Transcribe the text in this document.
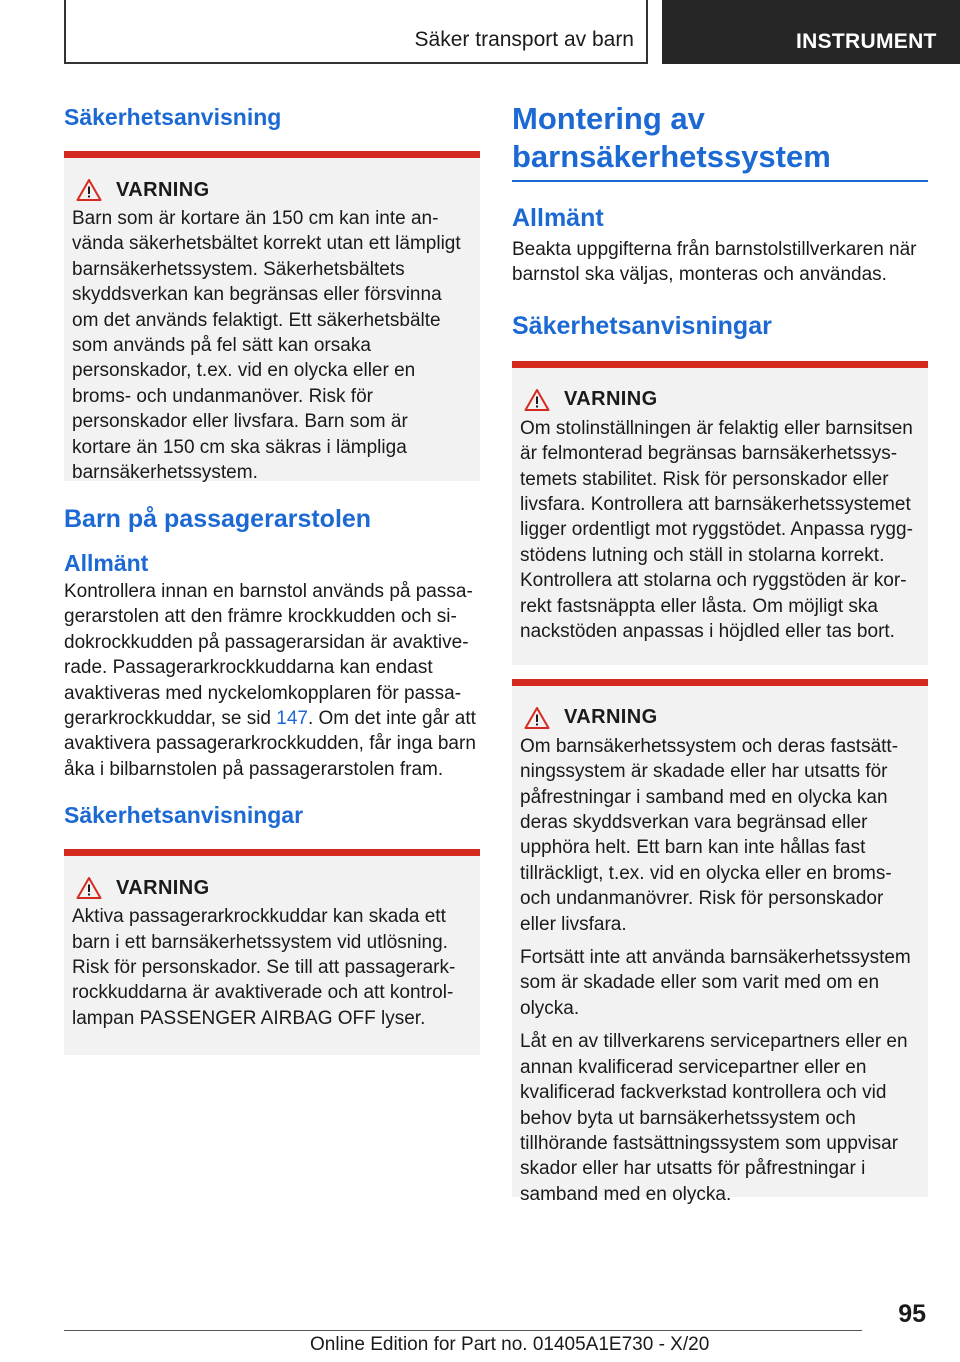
Säker transport av barn	INSTRUMENT
Säkerhetsanvisning
VARNING

Barn som är kortare än 150 cm kan inte använda säkerhetsbältet korrekt utan ett lämpligt barnsäkerhetssystem. Säkerhetsbältets skyddsverkan kan begränsas eller försvinna om det används felaktigt. Ett säkerhetsbälte som används på fel sätt kan orsaka personskador, t.ex. vid en olycka eller en broms- och undanmanöver. Risk för personskador eller livsfara. Barn som är kortare än 150 cm ska säkras i lämpliga barnsäkerhetssystem.

Barn på passagerarstolen
Allmänt

Kontrollera innan en barnstol används på passagerarstolen att den främre krockkudden och sidokrockkudden på passagerarsidan är avaktiverade. Passagerarkrockkuddarna kan endast avaktiveras med nyckelomkopplaren för passagerarkrockkuddar, se sid 147. Om det inte går att avaktivera passagerarkrockkudden, får inga barn åka i bilbarnstolen på passagerarstolen fram.

Säkerhetsanvisningar
VARNING

Aktiva passagerarkrockkuddar kan skada ett barn i ett barnsäkerhetssystem vid utlösning. Risk för personskador. Se till att passagerarkrockkuddarna är avaktiverade och att kontrollampan PASSENGER AIRBAG OFF lyser.

Montering av barnsäkerhetssystem
Allmänt

Beakta uppgifterna från barnstolstillverkaren när barnstol ska väljas, monteras och användas.

Säkerhetsanvisningar
VARNING

Om stolinställningen är felaktig eller barnsitsen är felmonterad begränsas barnsäkerhetssystemets stabilitet. Risk för personskador eller livsfara. Kontrollera att barnsäkerhetssystemet ligger ordentligt mot ryggstödet. Anpassa ryggstödens lutning och ställ in stolarna korrekt. Kontrollera att stolarna och ryggstöden är korrekt fastsnäppta eller låsta. Om möjligt ska nackstöden anpassas i höjdled eller tas bort.

VARNING

Om barnsäkerhetssystem och deras fastsättningssystem är skadade eller har utsatts för påfrestningar i samband med en olycka kan deras skyddsverkan vara begränsad eller upphöra helt. Ett barn kan inte hållas fast tillräckligt, t.ex. vid en olycka eller en broms- och undanmanövrer. Risk för personskador eller livsfara.

Fortsätt inte att använda barnsäkerhetssystem som är skadade eller som varit med om en olycka.

Låt en av tillverkarens servicepartners eller en annan kvalificerad servicepartner eller en kvalificerad fackverkstad kontrollera och vid behov byta ut barnsäkerhetssystem och tillhörande fastsättningssystem som uppvisar skador eller har utsatts för påfrestningar i samband med en olycka.

95
Online Edition for Part no. 01405A1E730 - X/20
